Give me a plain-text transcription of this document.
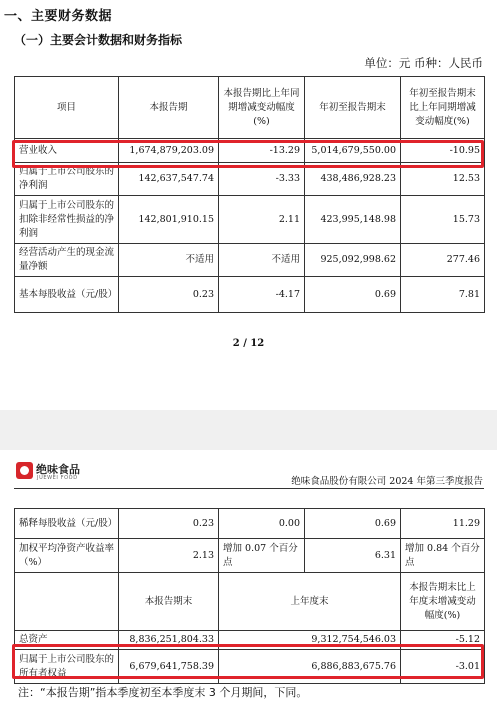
一、主要财务数据
（一）主要会计数据和财务指标
单位：元 币种：人民币
项目	本报告期	本报告期比上年同期增减变动幅度(%)	年初至报告期末	年初至报告期末比上年同期增减变动幅度(%)
营业收入	1,674,879,203.09	-13.29	5,014,679,550.00	-10.95
归属于上市公司股东的净利润	142,637,547.74	-3.33	438,486,928.23	12.53
归属于上市公司股东的扣除非经常性损益的净利润	142,801,910.15	2.11	423,995,148.98	15.73
经营活动产生的现金流量净额	不适用	不适用	925,092,998.62	277.46
基本每股收益（元/股）	0.23	-4.17	0.69	7.81
2 / 12
绝味食品
JUEWEI FOOD	绝味食品股份有限公司 2024 年第三季度报告
稀释每股收益（元/股）	0.23	0.00	0.69	11.29
加权平均净资产收益率（%）	2.13	增加 0.07 个百分点	6.31	增加 0.84 个百分点
	本报告期末	上年度末		本报告期末比上年度末增减变动幅度(%)
总资产	8,836,251,804.33	9,312,754,546.03		-5.12
归属于上市公司股东的所有者权益	6,679,641,758.39	6,886,883,675.76		-3.01
注：“本报告期”指本季度初至本季度末 3 个月期间，下同。
